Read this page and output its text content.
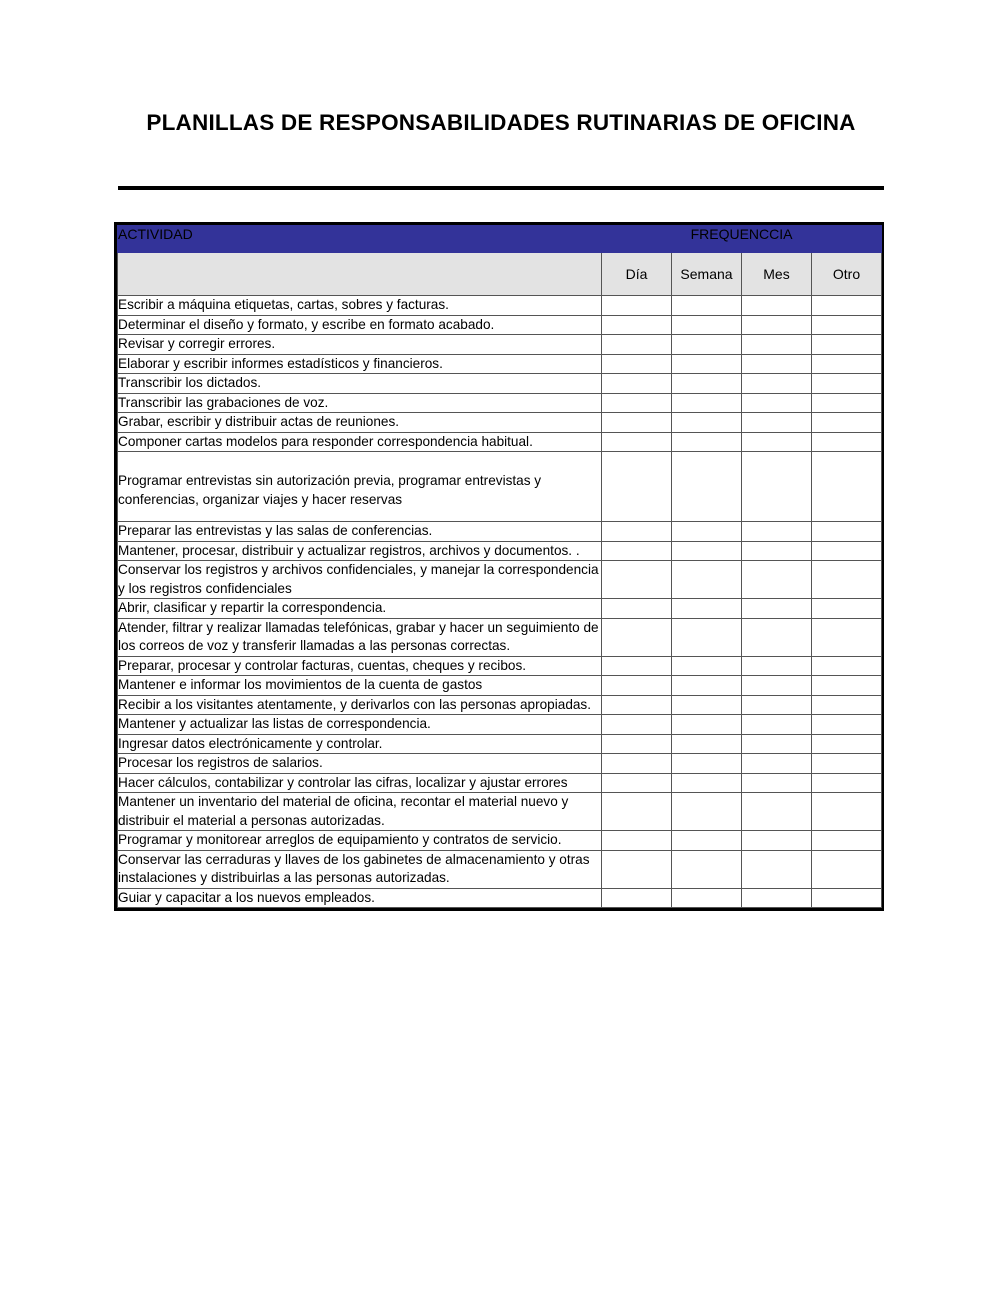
PLANILLAS DE RESPONSABILIDADES RUTINARIAS DE OFICINA
ACTIVIDAD	FREQUENCCIA			
	Día	Semana	Mes	Otro
Escribir a máquina etiquetas, cartas, sobres y facturas.				
Determinar el diseño y formato, y escribe en formato acabado.				
Revisar y corregir errores.				
Elaborar y escribir informes estadísticos y financieros.				
Transcribir los dictados.				
Transcribir las grabaciones de voz.				
Grabar, escribir y distribuir actas de reuniones.				
Componer cartas modelos para responder correspondencia habitual.				
Programar entrevistas sin autorización previa, programar entrevistas y conferencias, organizar viajes y hacer reservas				
Preparar las entrevistas y las salas de conferencias.				
Mantener, procesar, distribuir y actualizar registros, archivos y documentos. .				
Conservar los registros y archivos confidenciales, y manejar la correspondencia y los registros confidenciales				
Abrir, clasificar y repartir la correspondencia.				
Atender, filtrar y realizar llamadas telefónicas, grabar y hacer un seguimiento de los correos de voz y transferir llamadas a las personas correctas.				
Preparar, procesar y controlar facturas, cuentas, cheques y recibos.				
Mantener e informar los movimientos de la cuenta de gastos				
Recibir a los visitantes atentamente, y derivarlos con las personas apropiadas.				
Mantener y actualizar las listas de correspondencia.				
Ingresar datos electrónicamente y controlar.				
Procesar los registros de salarios.				
Hacer cálculos, contabilizar y controlar las cifras, localizar y ajustar errores				
Mantener un inventario del material de oficina, recontar el material nuevo y distribuir el material a personas autorizadas.				
Programar y monitorear arreglos de equipamiento y contratos de servicio.				
Conservar las cerraduras y llaves de los gabinetes de almacenamiento y otras instalaciones y distribuirlas a las personas autorizadas.				
Guiar y capacitar a los nuevos empleados.				
